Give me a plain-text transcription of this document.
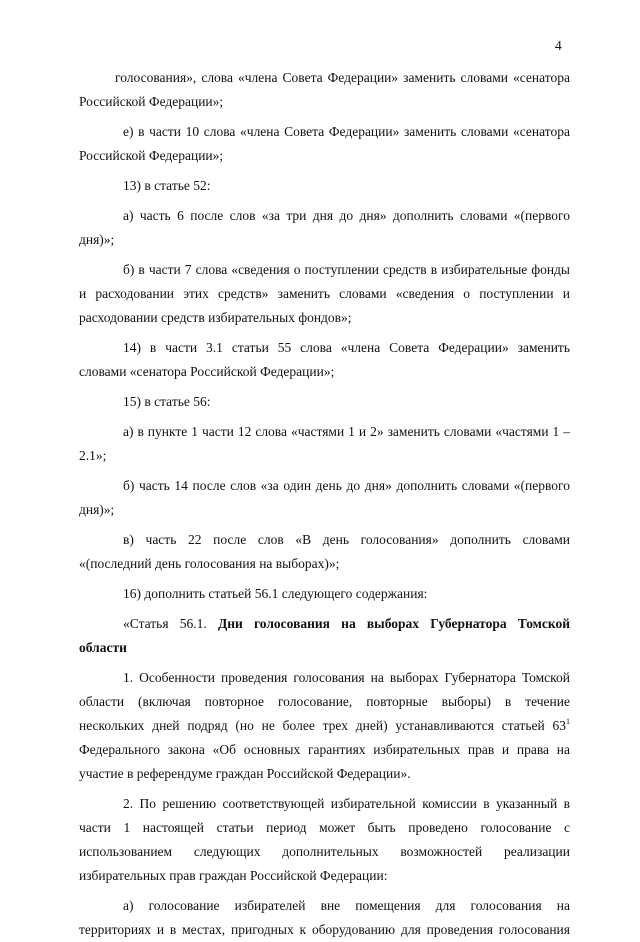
4
голосования», слова «члена Совета Федерации» заменить словами «сенатора
Российской Федерации»;
е) в части 10 слова «члена Совета Федерации» заменить словами «сенатора
Российской Федерации»;
13) в статье 52:
а) часть 6 после слов «за три дня до дня» дополнить словами «(первого
дня)»;
б) в части 7 слова «сведения о поступлении средств в избирательные фонды
и расходовании этих средств» заменить словами «сведения о поступлении и
расходовании средств избирательных фондов»;
14) в части 3.1 статьи 55 слова «члена Совета Федерации» заменить
словами «сенатора Российской Федерации»;
15) в статье 56:
а) в пункте 1 части 12 слова «частями 1 и 2» заменить словами «частями 1 –
2.1»;
б) часть 14 после слов «за один день до дня» дополнить словами «(первого
дня)»;
в) часть 22 после слов «В день голосования» дополнить словами
«(последний день голосования на выборах)»;
16) дополнить статьей 56.1 следующего содержания:
«Статья 56.1. Дни голосования на выборах Губернатора Томской
области
1. Особенности проведения голосования на выборах Губернатора Томской
области (включая повторное голосование, повторные выборы) в течение
нескольких дней подряд (но не более трех дней) устанавливаются статьей $63^1$
Федерального закона «Об основных гарантиях избирательных прав и права на
участие в референдуме граждан Российской Федерации».
2. По решению соответствующей избирательной комиссии в указанный в
части 1 настоящей статьи период может быть проведено голосование с
использованием следующих дополнительных возможностей реализации
избирательных прав граждан Российской Федерации:
а) голосование избирателей вне помещения для голосования на
территориях и в местах, пригодных к оборудованию для проведения голосования
